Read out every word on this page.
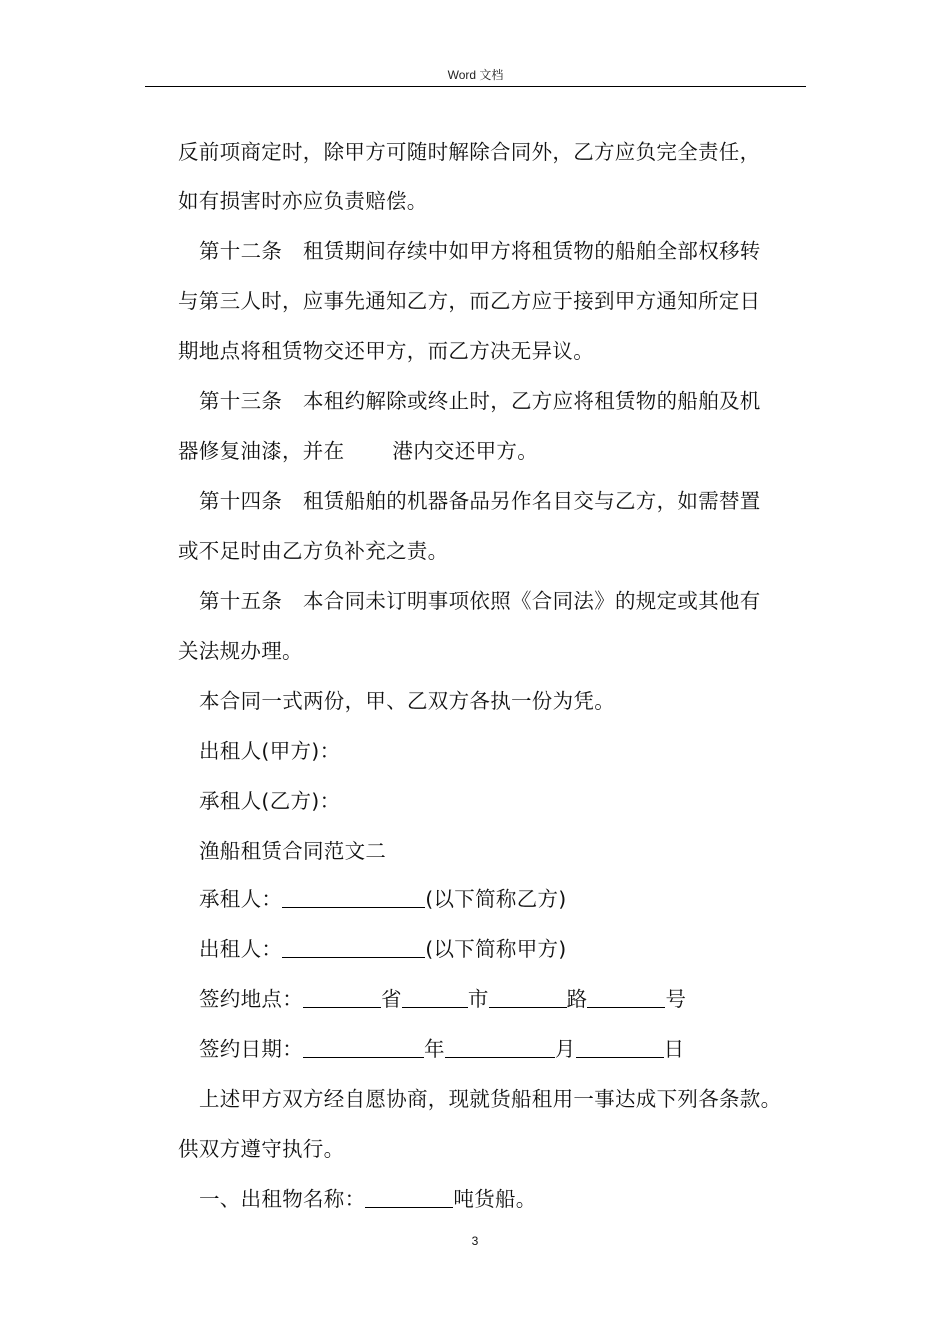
Word 文档

反前项商定时，除甲方可随时解除合同外，乙方应负完全责任，

如有损害时亦应负责赔偿。

第十二条　租赁期间存续中如甲方将租赁物的船舶全部权移转

与第三人时，应事先通知乙方，而乙方应于接到甲方通知所定日

期地点将租赁物交还甲方，而乙方决无异议。

第十三条　本租约解除或终止时，乙方应将租赁物的船舶及机

器修复油漆，并在 港内交还甲方。

第十四条　租赁船舶的机器备品另作名目交与乙方，如需替置

或不足时由乙方负补充之责。

第十五条　本合同未订明事项依照《合同法》的规定或其他有

关法规办理。

本合同一式两份，甲、乙双方各执一份为凭。

出租人(甲方)：

承租人(乙方)：

渔船租赁合同范文二

承租人：	(以下简称乙方)

出租人：	(以下简称甲方)

签约地点：	省	市	路	号

签约日期：	年	月	日

上述甲方双方经自愿协商，现就货船租用一事达成下列各条款。

供双方遵守执行。

一、出租物名称：	吨货船。

3
